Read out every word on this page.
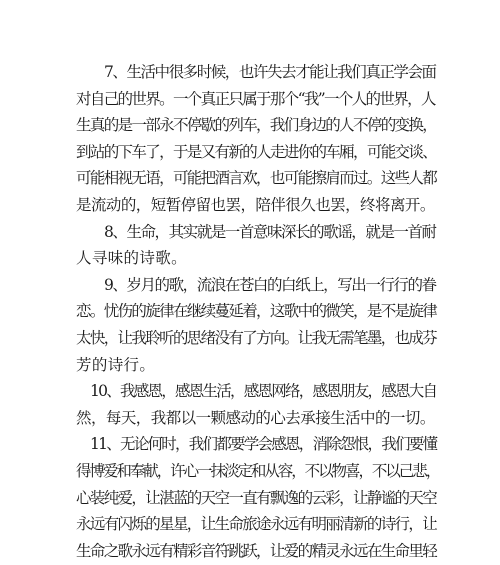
7、生活中很多时候，也许失去才能让我们真正学会面
对自己的世界。一个真正只属于那个“我”一个人的世界，人
生真的是一部永不停歇的列车，我们身边的人不停的变换，
到站的下车了，于是又有新的人走进你的车厢，可能交谈、
可能相视无语，可能把酒言欢，也可能擦肩而过。这些人都
是流动的，短暂停留也罢，陪伴很久也罢，终将离开。
8、生命，其实就是一首意味深长的歌谣，就是一首耐
人寻味的诗歌。
9、岁月的歌，流浪在苍白的白纸上，写出一行行的眷
恋。忧伤的旋律在继续蔓延着，这歌中的微笑，是不是旋律
太快，让我聆听的思绪没有了方向。让我无需笔墨，也成芬
芳的诗行。
10、我感恩，感恩生活，感恩网络，感恩朋友，感恩大自
然，每天，我都以一颗感动的心去承接生活中的一切。
11、无论何时，我们都要学会感恩，消除怨恨，我们要懂
得博爱和奉献，许心一抹淡定和从容，不以物喜，不以己悲，
心装纯爱，让湛蓝的天空一直有飘逸的云彩，让静谧的天空
永远有闪烁的星星，让生命旅途永远有明丽清新的诗行，让
生命之歌永远有精彩音符跳跃，让爱的精灵永远在生命里轻
